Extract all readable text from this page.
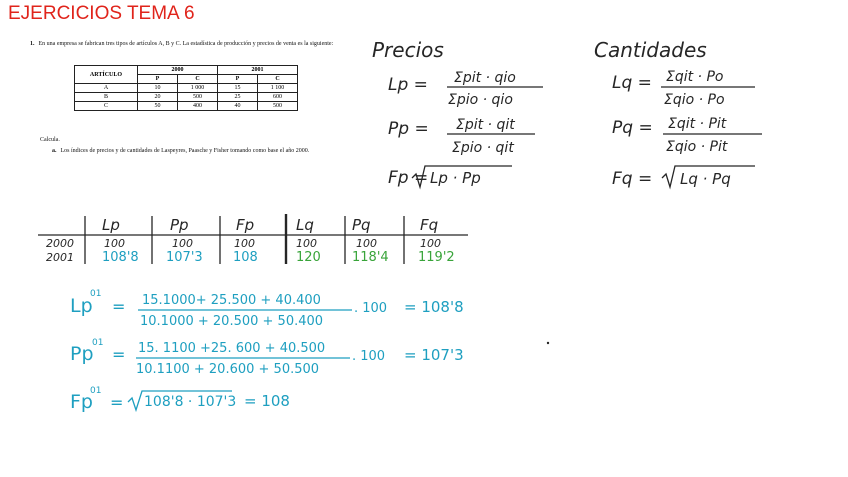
EJERCICIOS TEMA 6
1. En una empresa se fabrican tres tipos de artículos A, B y C. La estadística de producción y precios de venta es la siguiente:
ARTÍCULO	2000		2001	
	P	C	P	C
A	10	1 000	15	1 100
B	20	500	25	600
C	50	400	40	500
Calcula.
a. Los índices de precios y de cantidades de Laspeyres, Paasche y Fisher tomando como base el año 2000.
Precios
Lp = Σpit · qio
Σpio · qio
Pp = Σpit · qit
Σpio · qit
Fp = Lp · Pp
Cantidades
Lq = Σqit · Po
Σqio · Po
Pq = Σqit · Pit
Σqio · Pit
Fq = Lq · Pq
Lp	Pp	Fp	Lq	Pq	Fq
2000	100	100	100	100	100	100
2001 108'8 107'3 108	120 118'4 119'2
Lp
01
= 15.1000+ 25.500 + 40.400
10.1000 + 20.500 + 50.400
. 100 = 108'8
Pp
01
= 15. 1100 +25. 600 + 40.500
10.1100 + 20.600 + 50.500
. 100 = 107'3
Fp
01
= 108'8 · 107'3 = 108
